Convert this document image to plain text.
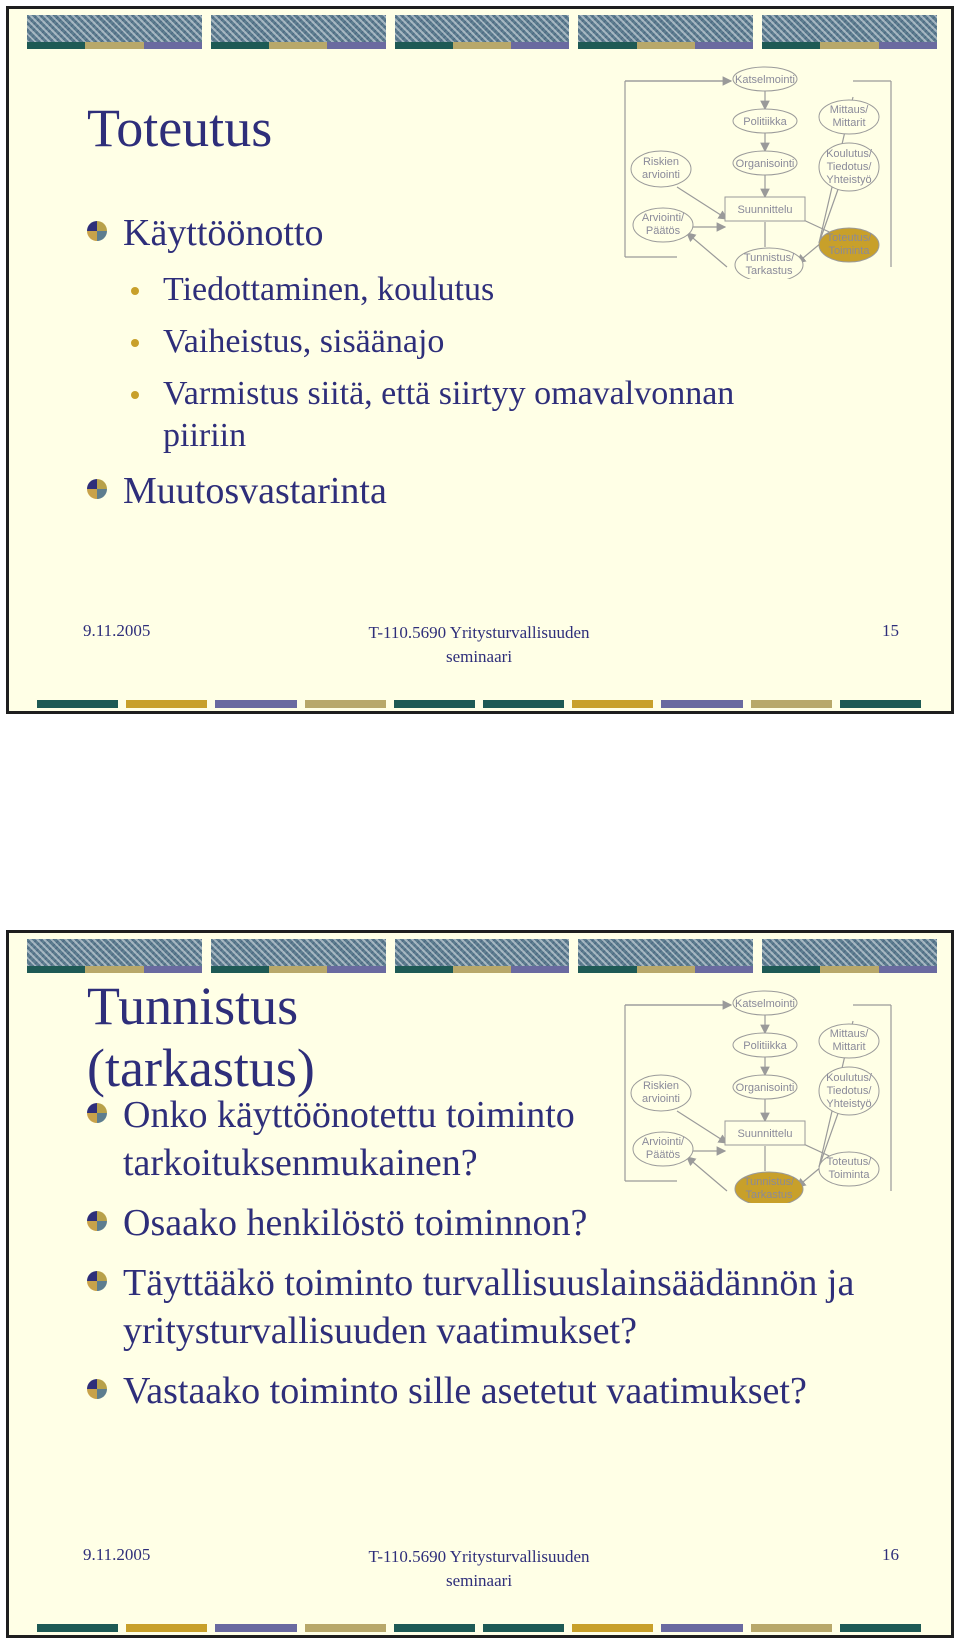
Toteutus
Katselmointi
Politiikka
Organisointi
Suunnittelu
Tunnistus/
Tarkastus
Riskien
arviointi
Arviointi/
Päätös
Mittaus/
Mittarit
Koulutus/
Tiedotus/
Yhteistyö
Toteutus/
Toiminta
Käyttöönotto
Tiedottaminen, koulutus
Vaiheistus, sisäänajo
Varmistus siitä, että siirtyy omavalvonnan piiriin
Muutosvastarinta
9.11.2005	T-110.5690 Yritysturvallisuuden
seminaari
15
Tunnistus
(tarkastus)
Katselmointi
Politiikka
Organisointi
Suunnittelu
Tunnistus/
Tarkastus
Riskien
arviointi
Arviointi/
Päätös
Mittaus/
Mittarit
Koulutus/
Tiedotus/
Yhteistyö
Toteutus/
Toiminta
Onko käyttöönotettu toiminto tarkoituksenmukainen?
Osaako henkilöstö toiminnon?
Täyttääkö toiminto turvallisuuslainsäädännön ja yritysturvallisuuden vaatimukset?
Vastaako toiminto sille asetetut vaatimukset?
9.11.2005	T-110.5690 Yritysturvallisuuden
seminaari
16
